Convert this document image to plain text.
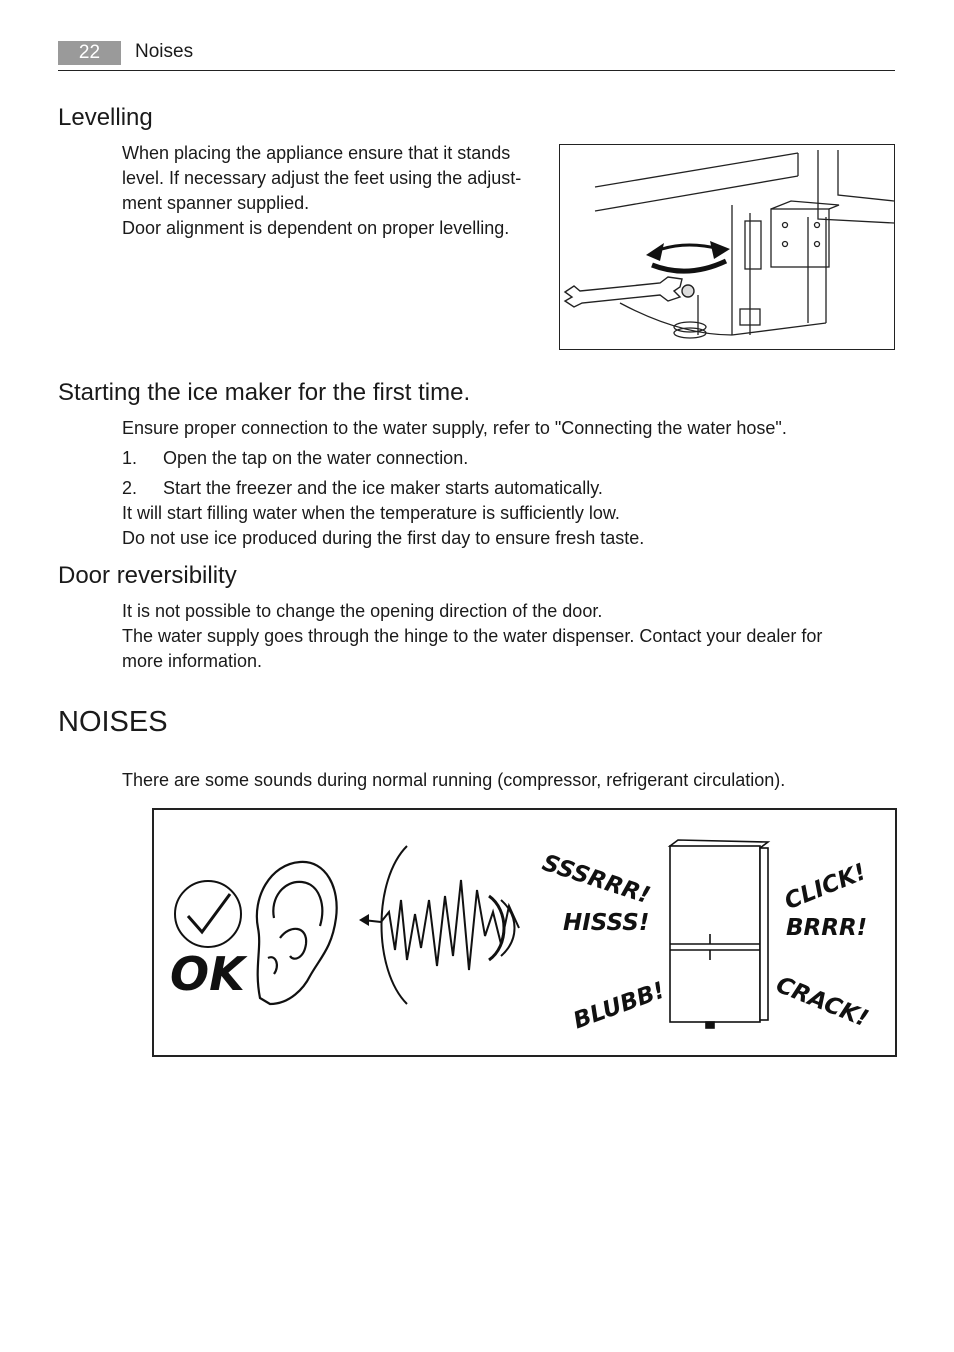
22	Noises
Levelling

When placing the appliance ensure that it stands

level. If necessary adjust the feet using the adjust-

ment spanner supplied.

Door alignment is dependent on proper levelling.

Starting the ice maker for the first time.

Ensure proper connection to the water supply, refer to "Connecting the water hose".

1. Open the tap on the water connection.
2. Start the freezer and the ice maker starts automatically.

It will start filling water when the temperature is sufficiently low.

Do not use ice produced during the first day to ensure fresh taste.

Door reversibility

It is not possible to change the opening direction of the door.

The water supply goes through the hinge to the water dispenser. Contact your dealer for

more information.

NOISES

There are some sounds during normal running (compressor, refrigerant circulation).

OK
SSSRRR!
HISSS!
BLUBB!
CLICK!
BRRR!
CRACK!
